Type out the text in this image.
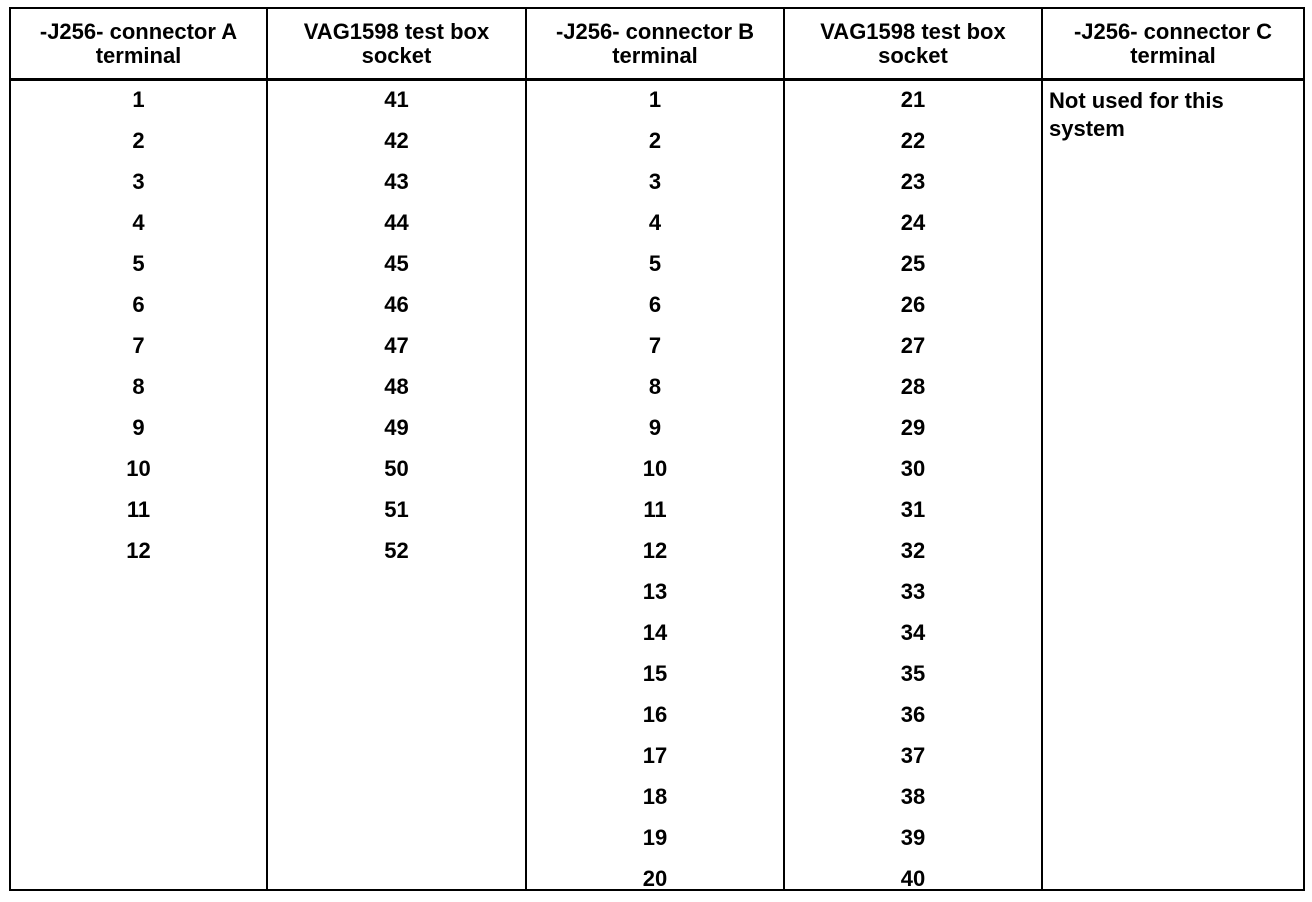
-J256- connector A
terminal
VAG1598 test box
socket
-J256- connector B
terminal
VAG1598 test box
socket
-J256- connector C
terminal
1
2
3
4
5
6
7
8
9
10
11
12
41
42
43
44
45
46
47
48
49
50
51
52
1
2
3
4
5
6
7
8
9
10
11
12
13
14
15
16
17
18
19
20
21
22
23
24
25
26
27
28
29
30
31
32
33
34
35
36
37
38
39
40
Not used for this
system
